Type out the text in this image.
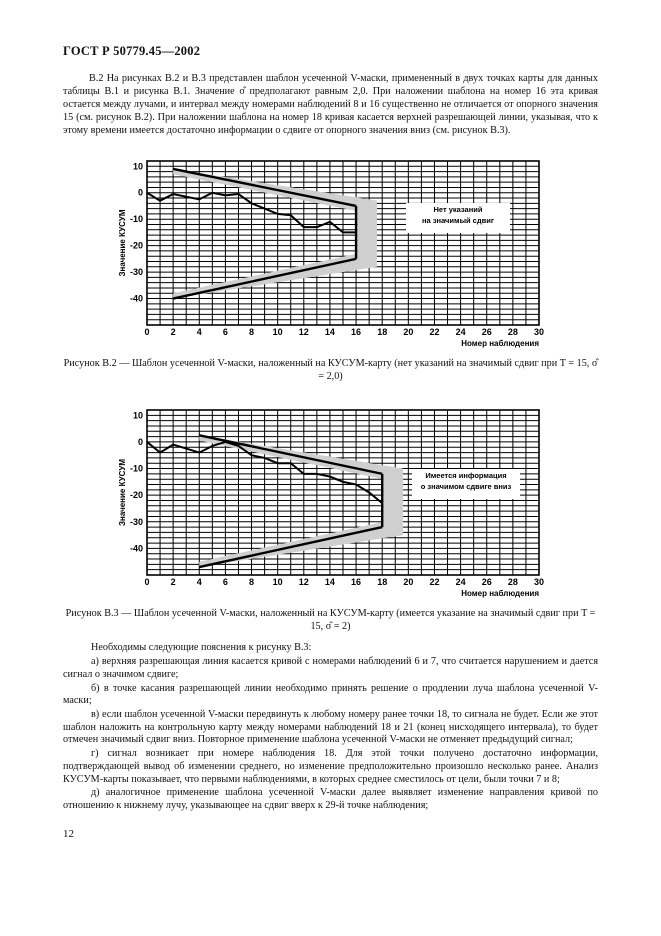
ГОСТ Р 50779.45—2002

В.2 На рисунках В.2 и В.3 представлен шаблон усеченной V-маски, примененный в двух точках карты для данных таблицы В.1 и рисунка В.1. Значение σ̂ предполагают равным 2,0. При наложении шаблона на номер 16 эта кривая остается между лучами, и интервал между номерами наблюдений 8 и 16 существенно не отличается от опорного значения 15 (см. рисунок В.2). При наложении шаблона на номер 18 кривая касается верхней разрешающей линии, указывая, что к этому времени имеется достаточно информации о сдвиге от опорного значения вниз (см. рисунок В.3).

0 2 4 6 8 10 12 14 16 18 20 22 24 26 28 30
10
0
-10
-20
-30
-40
Номер наблюдения
Значение КУСУМ
Нет указаний
на значимый сдвиг
0 2 4 6 8 10 12 14 16 18 20 22 24 26 28 30
10
0
-10
-20
-30
-40
Номер наблюдения
Значение КУСУМ	Имеется информация
о значимом сдвиге вниз

Рисунок В.2 — Шаблон усеченной V-маски, наложенный на КУСУМ-карту (нет указаний на значимый сдвиг при T = 15, σ̂ = 2,0)

Рисунок В.3 — Шаблон усеченной V-маски, наложенный на КУСУМ-карту (имеется указание на значимый сдвиг при T = 15, σ̂ = 2)

Необходимы следующие пояснения к рисунку В.3:

а) верхняя разрешающая линия касается кривой с номерами наблюдений 6 и 7, что считается нарушением и дается сигнал о значимом сдвиге;

б) в точке касания разрешающей линии необходимо принять решение о продлении луча шаблона усеченной V-маски;

в) если шаблон усеченной V-маски передвинуть к любому номеру ранее точки 18, то сигнала не будет. Если же этот шаблон наложить на контрольную карту между номерами наблюдений 18 и 21 (конец нисходящего интервала), то будет отмечен значимый сдвиг вниз. Повторное применение шаблона усеченной V-маски не отменяет предыдущий сигнал;

г) сигнал возникает при номере наблюдения 18. Для этой точки получено достаточно информации, подтверждающей вывод об изменении среднего, но изменение предположительно произошло несколько ранее. Анализ КУСУМ-карты показывает, что первыми наблюдениями, в которых среднее сместилось от цели, были точки 7 и 8;

д) аналогичное применение шаблона усеченной V-маски далее выявляет изменение направления кривой по отношению к нижнему лучу, указывающее на сдвиг вверх к 29-й точке наблюдения;

12
